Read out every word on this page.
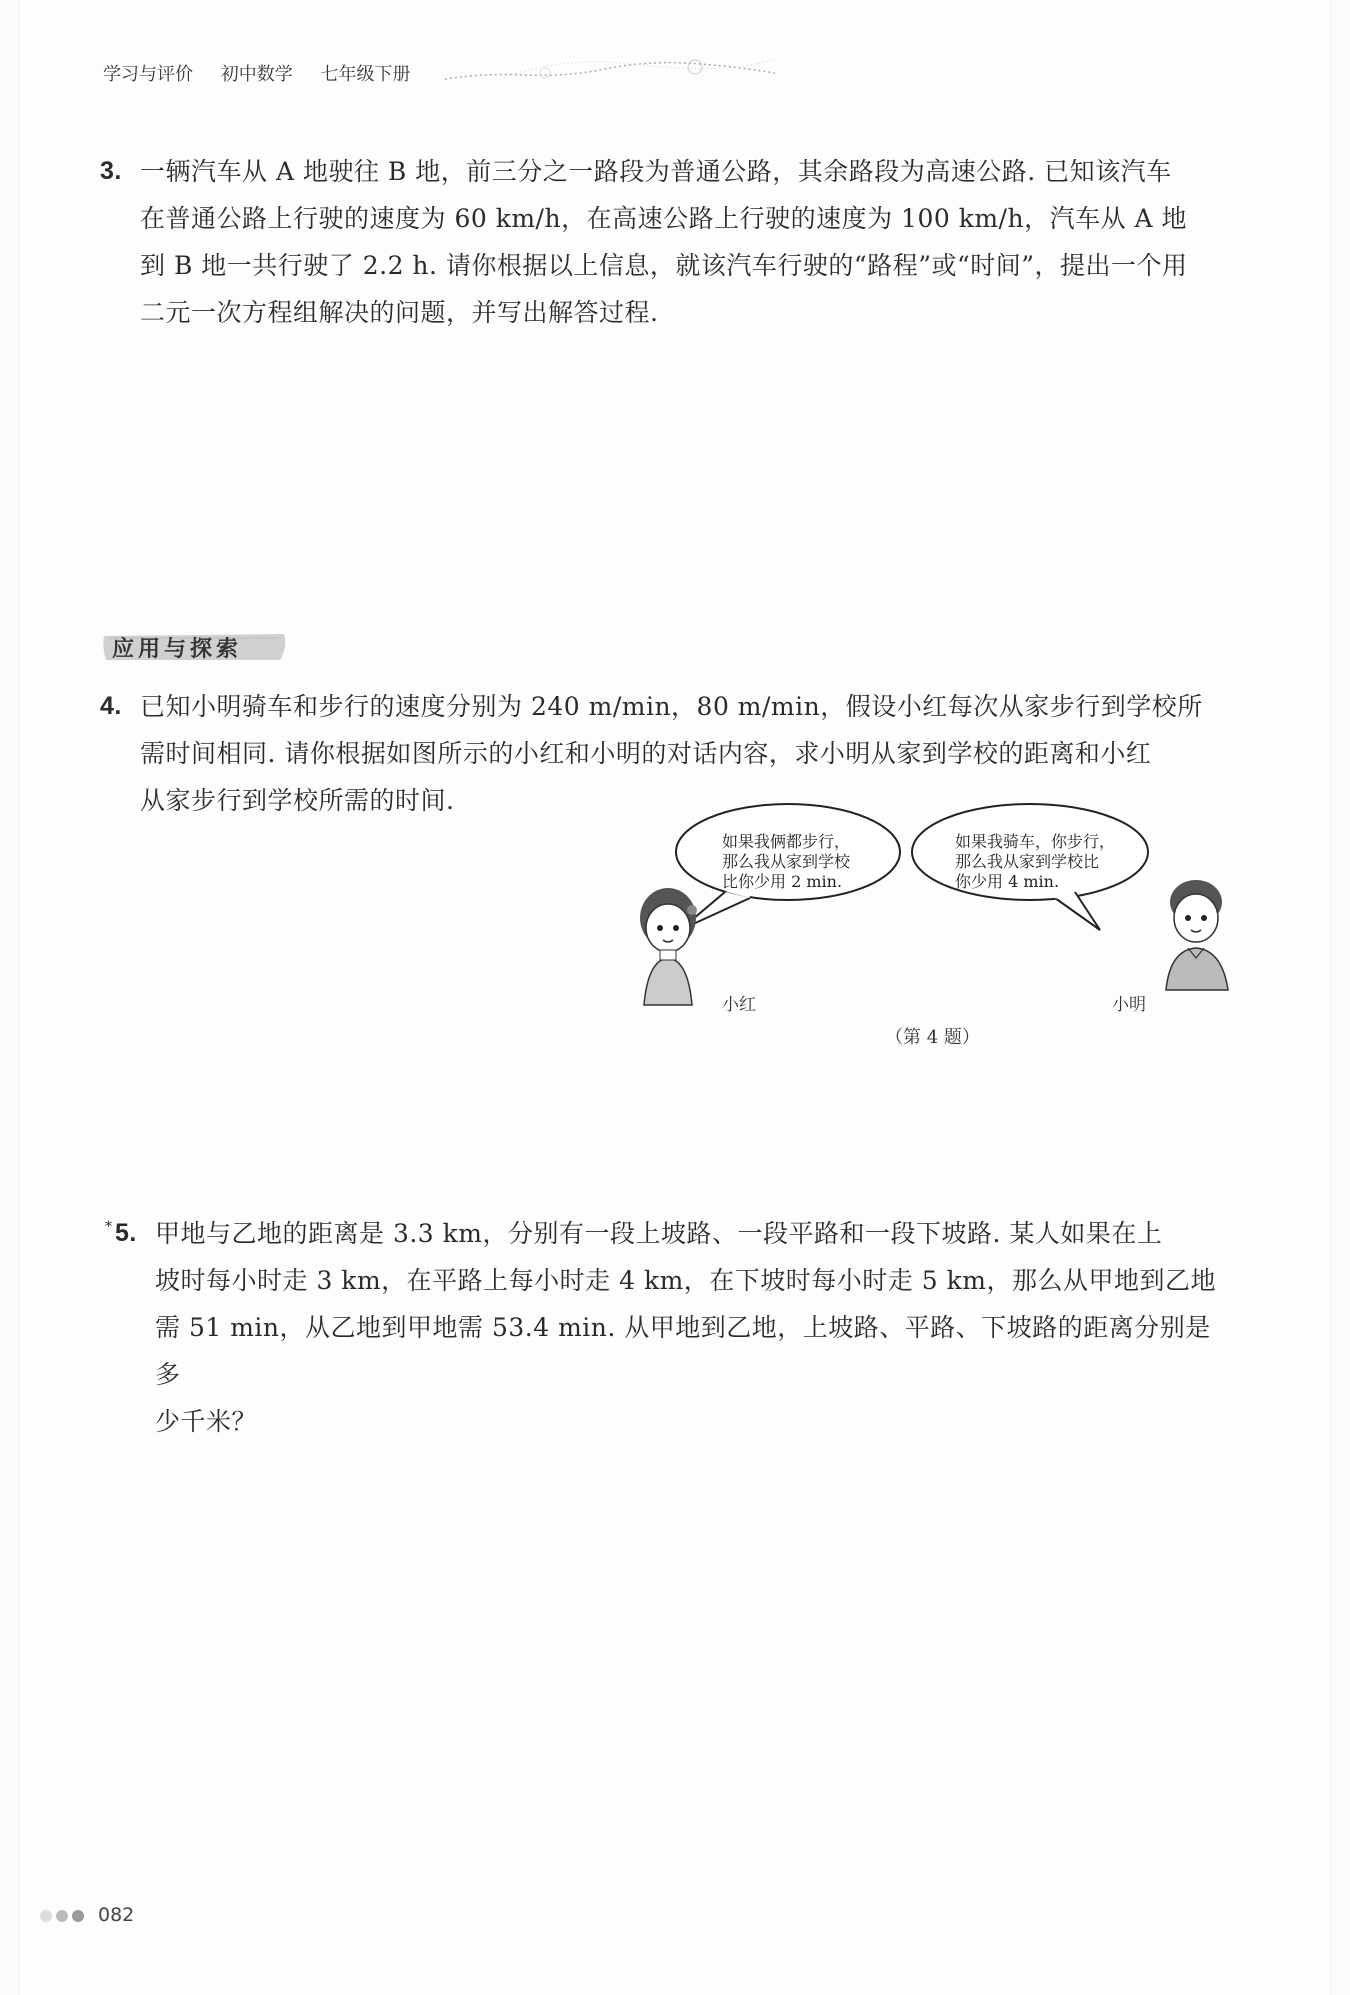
学习与评价 初中数学 七年级下册
3. 一辆汽车从 A 地驶往 B 地，前三分之一路段为普通公路，其余路段为高速公路. 已知该汽车
在普通公路上行驶的速度为 60 km/h，在高速公路上行驶的速度为 100 km/h，汽车从 A 地
到 B 地一共行驶了 2.2 h. 请你根据以上信息，就该汽车行驶的“路程”或“时间”，提出一个用
二元一次方程组解决的问题，并写出解答过程.
应用与探索
4. 已知小明骑车和步行的速度分别为 240 m/min，80 m/min，假设小红每次从家步行到学校所
需时间相同. 请你根据如图所示的小红和小明的对话内容，求小明从家到学校的距离和小红
从家步行到学校所需的时间.
如果我俩都步行，
那么我从家到学校
比你少用 2 min.
如果我骑车，你步行，
那么我从家到学校比
你少用 4 min.
小红	小明
（第 4 题）
* 5. 甲地与乙地的距离是 3.3 km，分别有一段上坡路、一段平路和一段下坡路. 某人如果在上
坡时每小时走 3 km，在平路上每小时走 4 km，在下坡时每小时走 5 km，那么从甲地到乙地
需 51 min，从乙地到甲地需 53.4 min. 从甲地到乙地，上坡路、平路、下坡路的距离分别是多
少千米？
082
